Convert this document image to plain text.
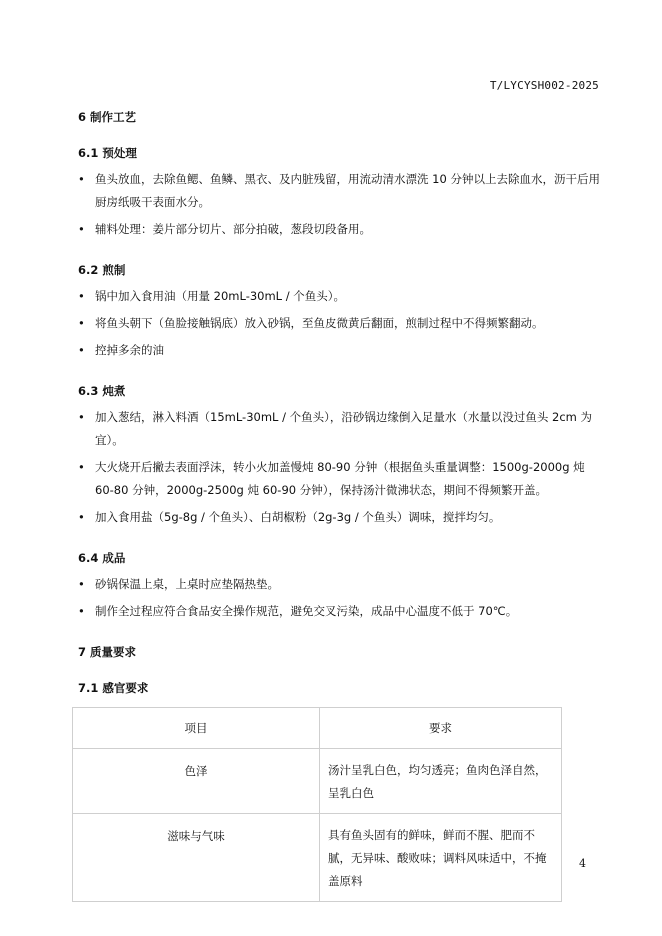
T/LYCYSH002-2025
6 制作工艺
6.1 预处理
• 鱼头放血，去除鱼鳃、鱼鳞、黑衣、及内脏残留，用流动清水漂洗 10 分钟以上去除血水，沥干后用厨房纸吸干表面水分。
• 辅料处理：姜片部分切片、部分拍破，葱段切段备用。
6.2 煎制
• 锅中加入食用油（用量 20mL-30mL / 个鱼头）。
• 将鱼头朝下（鱼脸接触锅底）放入砂锅，至鱼皮微黄后翻面，煎制过程中不得频繁翻动。
• 控掉多余的油
6.3 炖煮
• 加入葱结，淋入料酒（15mL-30mL / 个鱼头），沿砂锅边缘倒入足量水（水量以没过鱼头 2cm 为宜）。
• 大火烧开后撇去表面浮沫，转小火加盖慢炖 80-90 分钟（根据鱼头重量调整：1500g-2000g 炖 60-80 分钟，2000g-2500g 炖 60-90 分钟），保持汤汁微沸状态，期间不得频繁开盖。
• 加入食用盐（5g-8g / 个鱼头）、白胡椒粉（2g-3g / 个鱼头）调味，搅拌均匀。
6.4 成品
• 砂锅保温上桌，上桌时应垫隔热垫。
• 制作全过程应符合食品安全操作规范，避免交叉污染，成品中心温度不低于 70℃。
7 质量要求
7.1 感官要求
项目	要求
色泽	汤汁呈乳白色，均匀透亮；鱼肉色泽自然，呈乳白色
滋味与气味	具有鱼头固有的鲜味，鲜而不腥、肥而不腻，无异味、酸败味；调料风味适中，不掩盖原料
4
